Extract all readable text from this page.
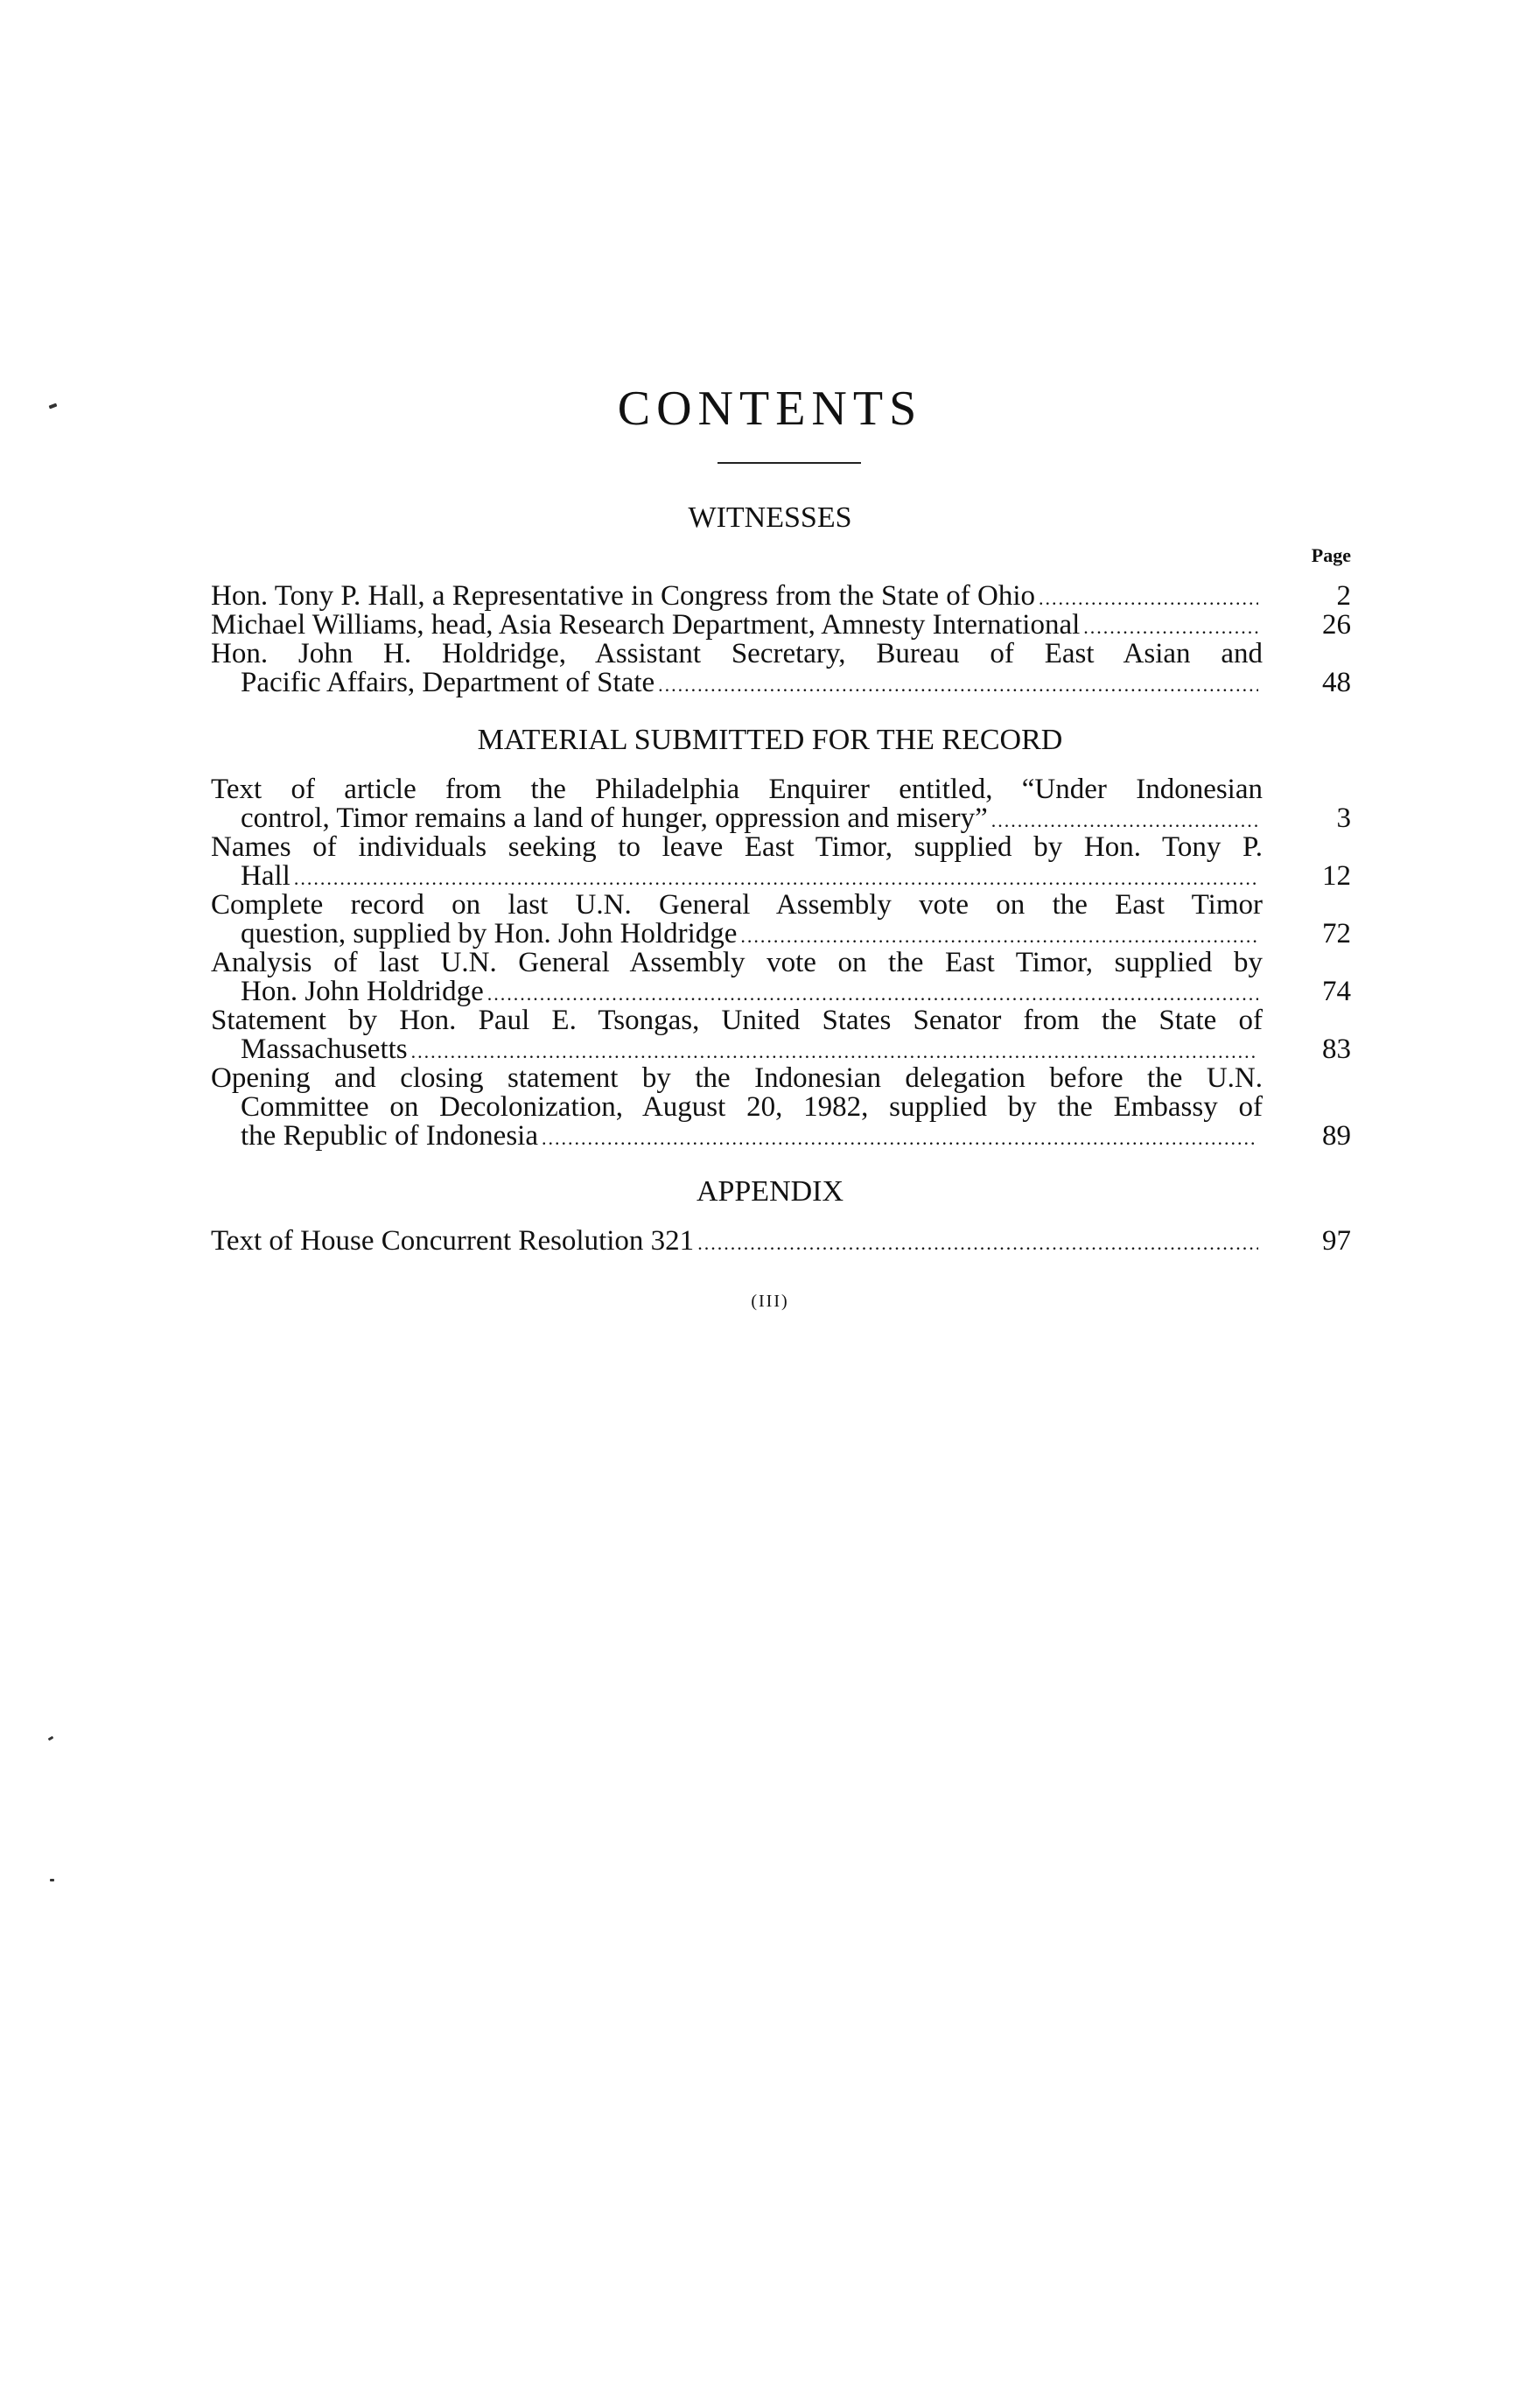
CONTENTS
WITNESSES
Page
Hon. Tony P. Hall, a Representative in Congress from the State of Ohio .....	2
Michael Williams, head, Asia Research Department, Amnesty International .....	26
Hon. John H. Holdridge, Assistant Secretary, Bureau of East Asian and
Pacific Affairs, Department of State .....	48
MATERIAL SUBMITTED FOR THE RECORD
Text of article from the Philadelphia Enquirer entitled, “Under Indonesian
control, Timor remains a land of hunger, oppression and misery” .....	3
Names of individuals seeking to leave East Timor, supplied by Hon. Tony P.
Hall .....	12
Complete record on last U.N. General Assembly vote on the East Timor
question, supplied by Hon. John Holdridge .....	72
Analysis of last U.N. General Assembly vote on the East Timor, supplied by
Hon. John Holdridge .....	74
Statement by Hon. Paul E. Tsongas, United States Senator from the State of
Massachusetts .....	83
Opening and closing statement by the Indonesian delegation before the U.N.
Committee on Decolonization, August 20, 1982, supplied by the Embassy of
the Republic of Indonesia .....	89
APPENDIX
Text of House Concurrent Resolution 321 .....	97
(III)
